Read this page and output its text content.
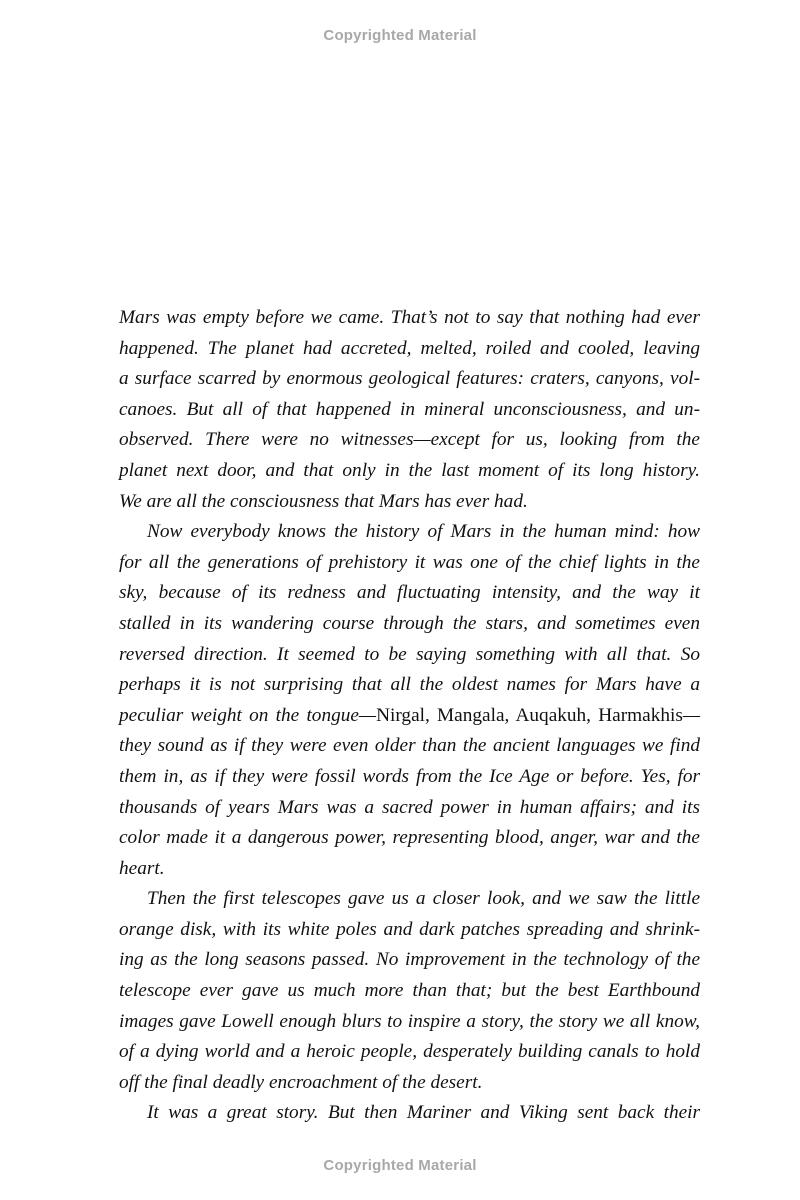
Copyrighted Material
Mars was empty before we came. That’s not to say that nothing had ever
happened. The planet had accreted, melted, roiled and cooled, leaving
a surface scarred by enormous geological features: craters, canyons, vol-
canoes. But all of that happened in mineral unconsciousness, and un-
observed. There were no witnesses—except for us, looking from the
planet next door, and that only in the last moment of its long history.
We are all the consciousness that Mars has ever had.
Now everybody knows the history of Mars in the human mind: how
for all the generations of prehistory it was one of the chief lights in the
sky, because of its redness and fluctuating intensity, and the way it
stalled in its wandering course through the stars, and sometimes even
reversed direction. It seemed to be saying something with all that. So
perhaps it is not surprising that all the oldest names for Mars have a
peculiar weight on the tongue—Nirgal, Mangala, Auqakuh, Harmakhis—
they sound as if they were even older than the ancient languages we find
them in, as if they were fossil words from the Ice Age or before. Yes, for
thousands of years Mars was a sacred power in human affairs; and its
color made it a dangerous power, representing blood, anger, war and the
heart.
Then the first telescopes gave us a closer look, and we saw the little
orange disk, with its white poles and dark patches spreading and shrink-
ing as the long seasons passed. No improvement in the technology of the
telescope ever gave us much more than that; but the best Earthbound
images gave Lowell enough blurs to inspire a story, the story we all know,
of a dying world and a heroic people, desperately building canals to hold
off the final deadly encroachment of the desert.
It was a great story. But then Mariner and Viking sent back their
Copyrighted Material
